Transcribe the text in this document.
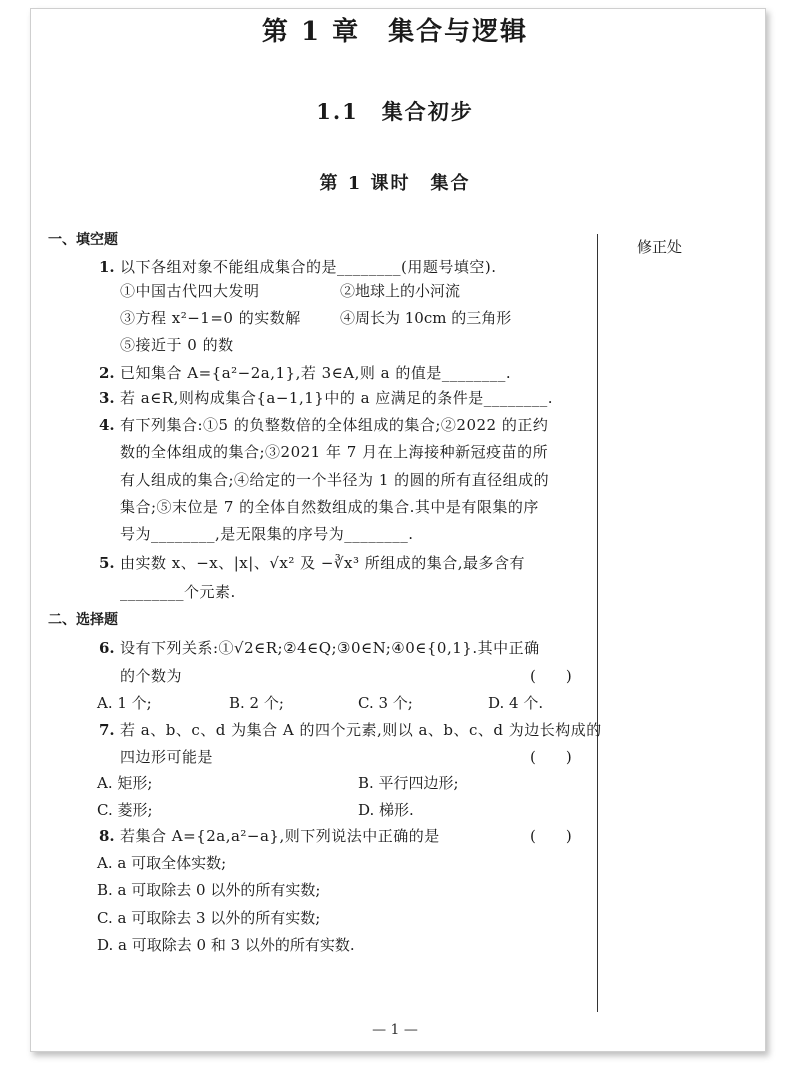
第 1 章　集合与逻辑
1.1　集合初步
第 1 课时　集合
修正处
一、填空题
1. 以下各组对象不能组成集合的是________(用题号填空).
①中国古代四大发明	②地球上的小河流
③方程 x²−1=0 的实数解	④周长为 10cm 的三角形
⑤接近于 0 的数
2. 已知集合 A={a²−2a,1},若 3∈A,则 a 的值是________.
3. 若 a∈R,则构成集合{a−1,1}中的 a 应满足的条件是________.
4. 有下列集合:①5 的负整数倍的全体组成的集合;②2022 的正约
数的全体组成的集合;③2021 年 7 月在上海接种新冠疫苗的所
有人组成的集合;④给定的一个半径为 1 的圆的所有直径组成的
集合;⑤末位是 7 的全体自然数组成的集合.其中是有限集的序
号为________,是无限集的序号为________.
5. 由实数 x、−x、|x|、√x² 及 −∛x³ 所组成的集合,最多含有
________个元素.
二、选择题
6. 设有下列关系:①√2∈R;②4∈Q;③0∈N;④0∈{0,1}.其中正确
的个数为	(　　)
A. 1 个;	B. 2 个;	C. 3 个;	D. 4 个.
7. 若 a、b、c、d 为集合 A 的四个元素,则以 a、b、c、d 为边长构成的
四边形可能是	(　　)
A. 矩形;	B. 平行四边形;
C. 菱形;	D. 梯形.
8. 若集合 A={2a,a²−a},则下列说法中正确的是	(　　)
A. a 可取全体实数;
B. a 可取除去 0 以外的所有实数;
C. a 可取除去 3 以外的所有实数;
D. a 可取除去 0 和 3 以外的所有实数.
— 1 —
